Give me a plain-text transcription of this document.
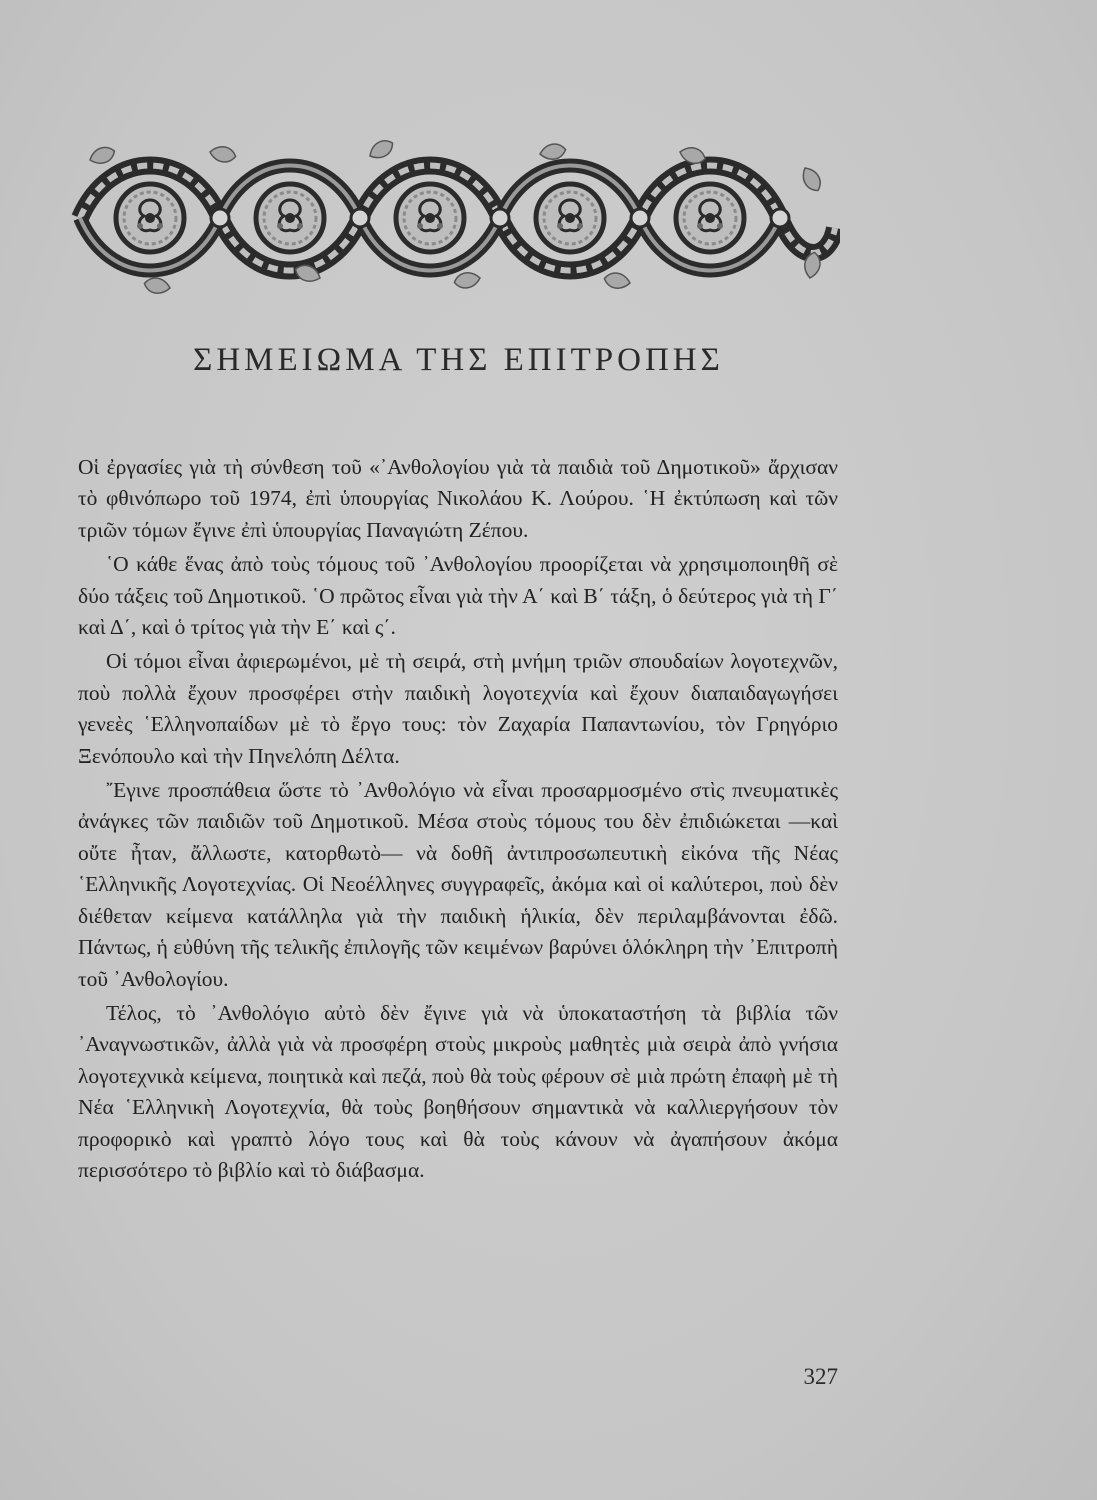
ΣΗΜΕΙΩΜΑ ΤΗΣ ΕΠΙΤΡΟΠΗΣ

Οἱ ἐργασίες γιὰ τὴ σύνθεση τοῦ «᾿Ανθολογίου γιὰ τὰ παιδιὰ τοῦ Δημοτικοῦ» ἄρχισαν τὸ φθινόπωρο τοῦ 1974, ἐπὶ ὑπουργίας Νικολάου Κ. Λούρου. ῾Η ἐκτύπωση καὶ τῶν τριῶν τόμων ἔγινε ἐπὶ ὑπουργίας Παναγιώτη Ζέπου.

῾Ο κάθε ἕνας ἀπὸ τοὺς τόμους τοῦ ᾿Ανθολογίου προορίζεται νὰ χρησιμοποιηθῆ σὲ δύο τάξεις τοῦ Δημοτικοῦ. ῾Ο πρῶτος εἶναι γιὰ τὴν Α΄ καὶ Β΄ τάξη, ὁ δεύτερος γιὰ τὴ Γ΄ καὶ Δ΄, καὶ ὁ τρίτος γιὰ τὴν Ε΄ καὶ ς΄.

Οἱ τόμοι εἶναι ἀφιερωμένοι, μὲ τὴ σειρά, στὴ μνήμη τριῶν σπουδαίων λογοτεχνῶν, ποὺ πολλὰ ἔχουν προσφέρει στὴν παιδικὴ λογοτεχνία καὶ ἔχουν διαπαιδαγωγήσει γενεὲς ῾Ελληνοπαίδων μὲ τὸ ἔργο τους: τὸν Ζαχαρία Παπαντωνίου, τὸν Γρηγόριο Ξενόπουλο καὶ τὴν Πηνελόπη Δέλτα.

῎Εγινε προσπάθεια ὥστε τὸ ᾿Ανθολόγιο νὰ εἶναι προσαρμοσμένο στὶς πνευματικὲς ἀνάγκες τῶν παιδιῶν τοῦ Δημοτικοῦ. Μέσα στοὺς τόμους του δὲν ἐπιδιώκεται —καὶ οὔτε ἦταν, ἄλλωστε, κατορθωτὸ— νὰ δοθῆ ἀντιπροσωπευτικὴ εἰκόνα τῆς Νέας ῾Ελληνικῆς Λογοτεχνίας. Οἱ Νεοέλληνες συγγραφεῖς, ἀκόμα καὶ οἱ καλύτεροι, ποὺ δὲν διέθεταν κείμενα κατάλληλα γιὰ τὴν παιδικὴ ἡλικία, δὲν περιλαμβάνονται ἐδῶ. Πάντως, ἡ εὐθύνη τῆς τελικῆς ἐπιλογῆς τῶν κειμένων βαρύνει ὁλόκληρη τὴν ᾿Επιτροπὴ τοῦ ᾿Ανθολογίου.

Τέλος, τὸ ᾿Ανθολόγιο αὐτὸ δὲν ἔγινε γιὰ νὰ ὑποκαταστήση τὰ βιβλία τῶν ᾿Αναγνωστικῶν, ἀλλὰ γιὰ νὰ προσφέρη στοὺς μικροὺς μαθητὲς μιὰ σειρὰ ἀπὸ γνήσια λογοτεχνικὰ κείμενα, ποιητικὰ καὶ πεζά, ποὺ θὰ τοὺς φέρουν σὲ μιὰ πρώτη ἐπαφὴ μὲ τὴ Νέα ῾Ελληνικὴ Λογοτεχνία, θὰ τοὺς βοηθήσουν σημαντικὰ νὰ καλλιεργήσουν τὸν προφορικὸ καὶ γραπτὸ λόγο τους καὶ θὰ τοὺς κάνουν νὰ ἀγαπήσουν ἀκόμα περισσότερο τὸ βιβλίο καὶ τὸ διάβασμα.

327
